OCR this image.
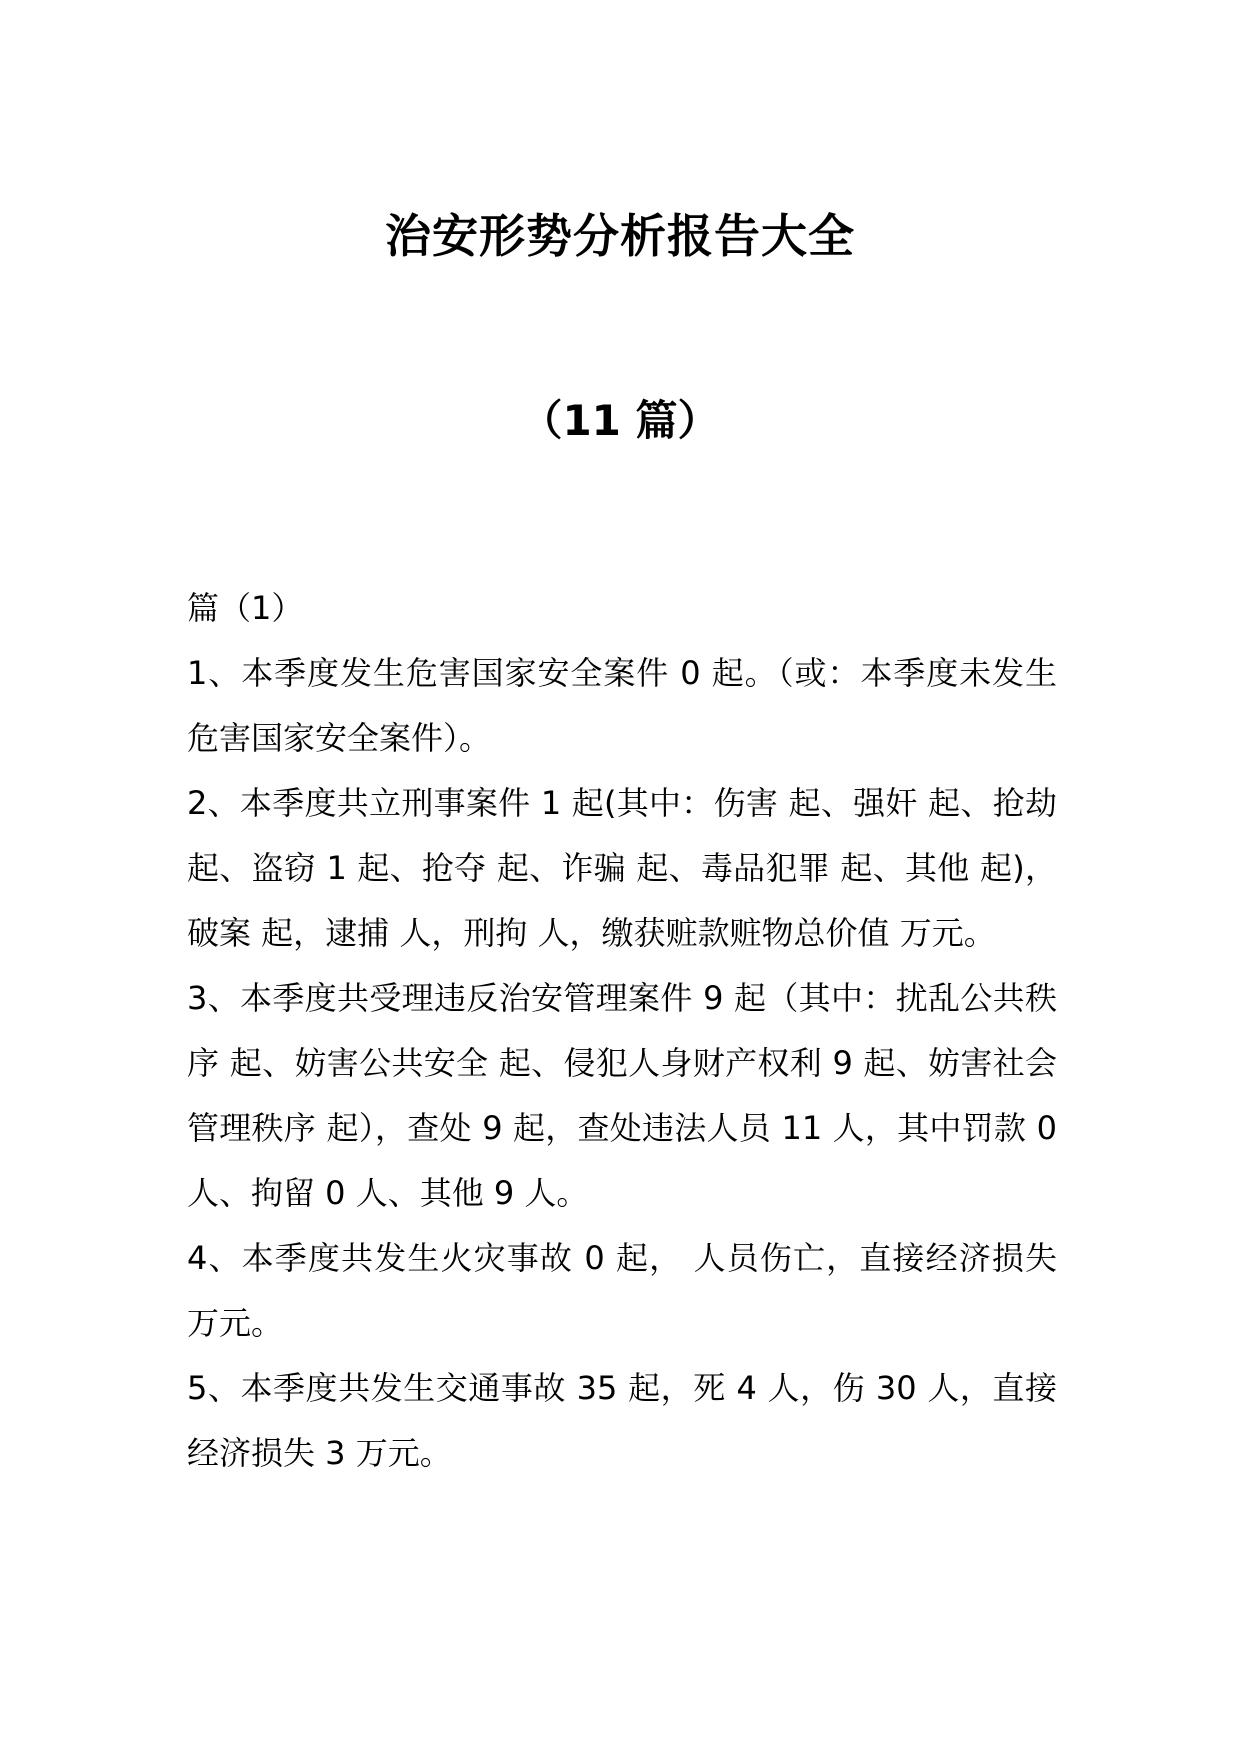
治安形势分析报告大全
（11 篇）

篇（1）

1、本季度发生危害国家安全案件 0 起。（或：本季度未发生危害国家安全案件）。

2、本季度共立刑事案件 1 起(其中：伤害 起、强奸 起、抢劫 起、盗窃 1 起、抢夺 起、诈骗 起、毒品犯罪 起、其他 起)，破案 起，逮捕 人，刑拘 人，缴获赃款赃物总价值 万元。

3、本季度共受理违反治安管理案件 9 起（其中：扰乱公共秩序 起、妨害公共安全 起、侵犯人身财产权利 9 起、妨害社会管理秩序 起），查处 9 起，查处违法人员 11 人，其中罚款 0 人、拘留 0 人、其他 9 人。

4、本季度共发生火灾事故 0 起， 人员伤亡，直接经济损失 万元。

5、本季度共发生交通事故 35 起，死 4 人，伤 30 人，直接经济损失 3 万元。
